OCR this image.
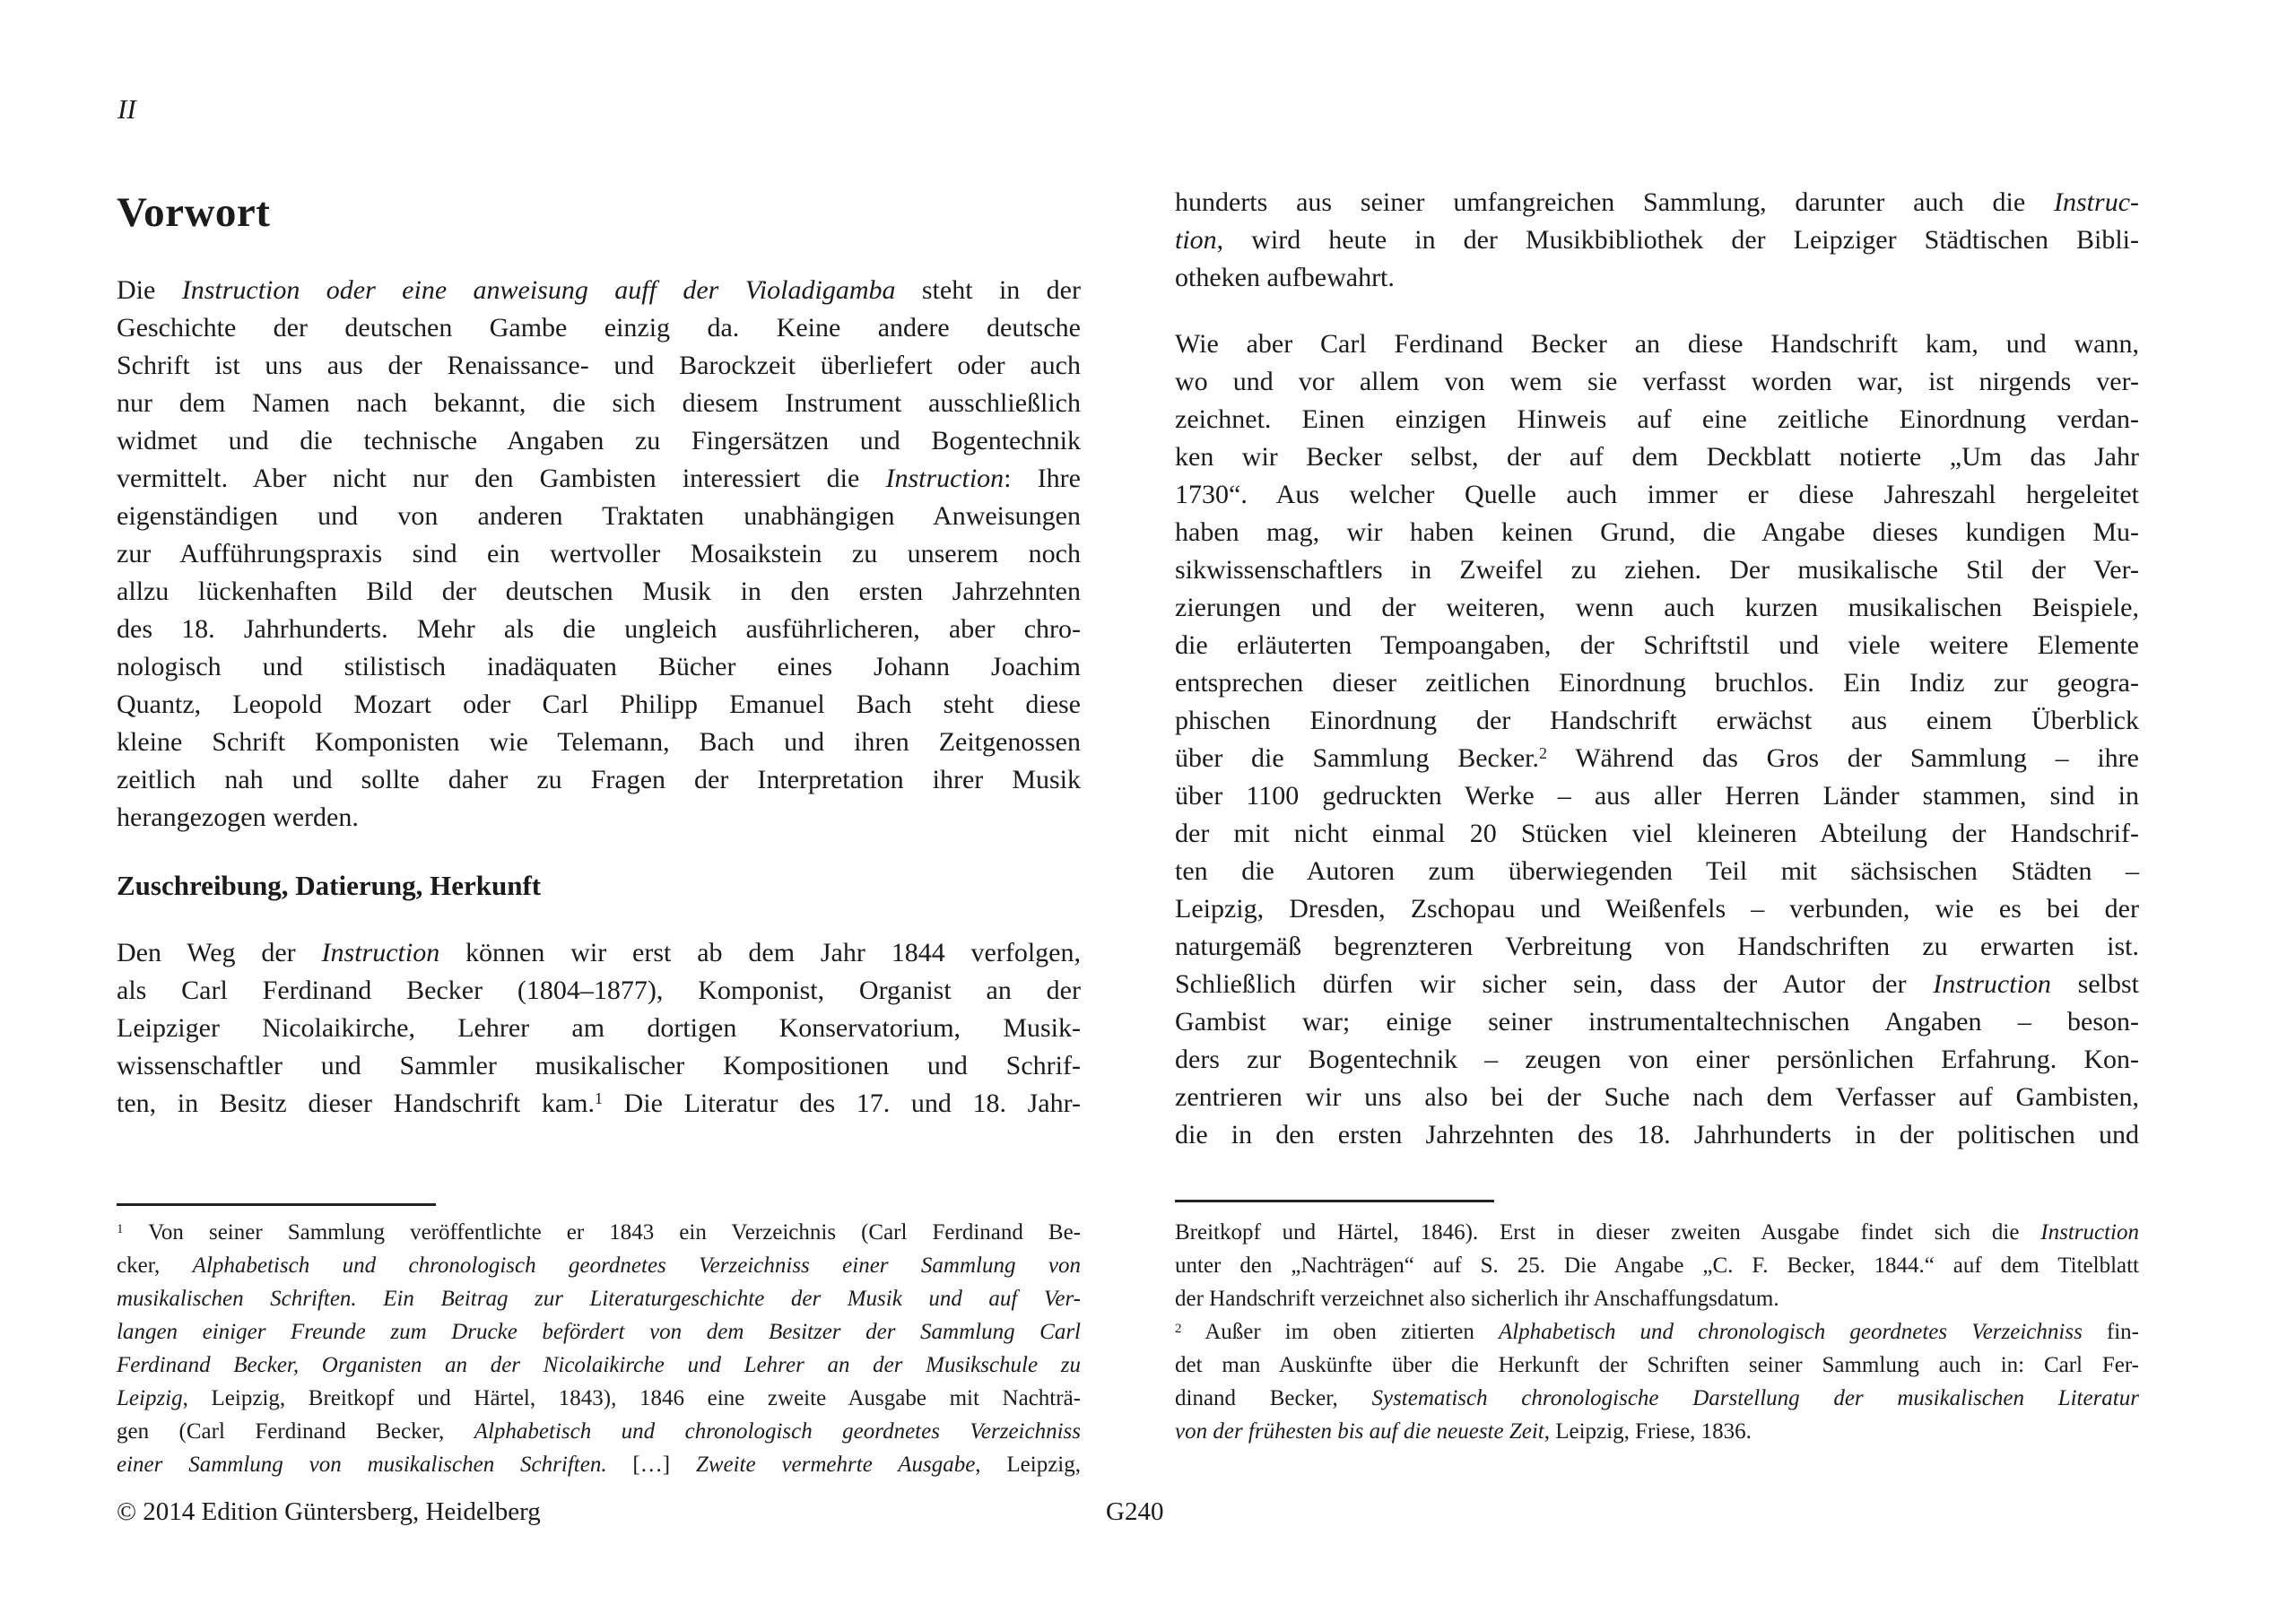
II
Vorwort
Die Instruction oder eine anweisung auff der Violadigamba steht in der
Geschichte der deutschen Gambe einzig da. Keine andere deutsche
Schrift ist uns aus der Renaissance- und Barockzeit überliefert oder auch
nur dem Namen nach bekannt, die sich diesem Instrument ausschließlich
widmet und die technische Angaben zu Fingersätzen und Bogentechnik
vermittelt. Aber nicht nur den Gambisten interessiert die Instruction: Ihre
eigenständigen und von anderen Traktaten unabhängigen Anweisungen
zur Aufführungspraxis sind ein wertvoller Mosaikstein zu unserem noch
allzu lückenhaften Bild der deutschen Musik in den ersten Jahrzehnten
des 18. Jahrhunderts. Mehr als die ungleich ausführlicheren, aber chro-
nologisch und stilistisch inadäquaten Bücher eines Johann Joachim
Quantz, Leopold Mozart oder Carl Philipp Emanuel Bach steht diese
kleine Schrift Komponisten wie Telemann, Bach und ihren Zeitgenossen
zeitlich nah und sollte daher zu Fragen der Interpretation ihrer Musik
herangezogen werden.
Zuschreibung, Datierung, Herkunft
Den Weg der Instruction können wir erst ab dem Jahr 1844 verfolgen,
als Carl Ferdinand Becker (1804–1877), Komponist, Organist an der
Leipziger Nicolaikirche, Lehrer am dortigen Konservatorium, Musik-
wissenschaftler und Sammler musikalischer Kompositionen und Schrif-
ten, in Besitz dieser Handschrift kam.$^1$ Die Literatur des 17. und 18. Jahr-
$^1$ Von seiner Sammlung veröffentlichte er 1843 ein Verzeichnis (Carl Ferdinand Be-
cker, Alphabetisch und chronologisch geordnetes Verzeichniss einer Sammlung von
musikalischen Schriften. Ein Beitrag zur Literaturgeschichte der Musik und auf Ver-
langen einiger Freunde zum Drucke befördert von dem Besitzer der Sammlung Carl
Ferdinand Becker, Organisten an der Nicolaikirche und Lehrer an der Musikschule zu
Leipzig, Leipzig, Breitkopf und Härtel, 1843), 1846 eine zweite Ausgabe mit Nachträ-
gen (Carl Ferdinand Becker, Alphabetisch und chronologisch geordnetes Verzeichniss
einer Sammlung von musikalischen Schriften. […] Zweite vermehrte Ausgabe, Leipzig,
hunderts aus seiner umfangreichen Sammlung, darunter auch die Instruc-
tion, wird heute in der Musikbibliothek der Leipziger Städtischen Bibli-
otheken aufbewahrt.
Wie aber Carl Ferdinand Becker an diese Handschrift kam, und wann,
wo und vor allem von wem sie verfasst worden war, ist nirgends ver-
zeichnet. Einen einzigen Hinweis auf eine zeitliche Einordnung verdan-
ken wir Becker selbst, der auf dem Deckblatt notierte „Um das Jahr
1730“. Aus welcher Quelle auch immer er diese Jahreszahl hergeleitet
haben mag, wir haben keinen Grund, die Angabe dieses kundigen Mu-
sikwissenschaftlers in Zweifel zu ziehen. Der musikalische Stil der Ver-
zierungen und der weiteren, wenn auch kurzen musikalischen Beispiele,
die erläuterten Tempoangaben, der Schriftstil und viele weitere Elemente
entsprechen dieser zeitlichen Einordnung bruchlos. Ein Indiz zur geogra-
phischen Einordnung der Handschrift erwächst aus einem Überblick
über die Sammlung Becker.$^2$ Während das Gros der Sammlung – ihre
über 1100 gedruckten Werke – aus aller Herren Länder stammen, sind in
der mit nicht einmal 20 Stücken viel kleineren Abteilung der Handschrif-
ten die Autoren zum überwiegenden Teil mit sächsischen Städten –
Leipzig, Dresden, Zschopau und Weißenfels – verbunden, wie es bei der
naturgemäß begrenzteren Verbreitung von Handschriften zu erwarten ist.
Schließlich dürfen wir sicher sein, dass der Autor der Instruction selbst
Gambist war; einige seiner instrumentaltechnischen Angaben – beson-
ders zur Bogentechnik – zeugen von einer persönlichen Erfahrung. Kon-
zentrieren wir uns also bei der Suche nach dem Verfasser auf Gambisten,
die in den ersten Jahrzehnten des 18. Jahrhunderts in der politischen und
Breitkopf und Härtel, 1846). Erst in dieser zweiten Ausgabe findet sich die Instruction
unter den „Nachträgen“ auf S. 25. Die Angabe „C. F. Becker, 1844.“ auf dem Titelblatt
der Handschrift verzeichnet also sicherlich ihr Anschaffungsdatum.
$^2$ Außer im oben zitierten Alphabetisch und chronologisch geordnetes Verzeichniss fin-
det man Auskünfte über die Herkunft der Schriften seiner Sammlung auch in: Carl Fer-
dinand Becker, Systematisch chronologische Darstellung der musikalischen Literatur
von der frühesten bis auf die neueste Zeit, Leipzig, Friese, 1836.
© 2014 Edition Güntersberg, Heidelberg	G240
